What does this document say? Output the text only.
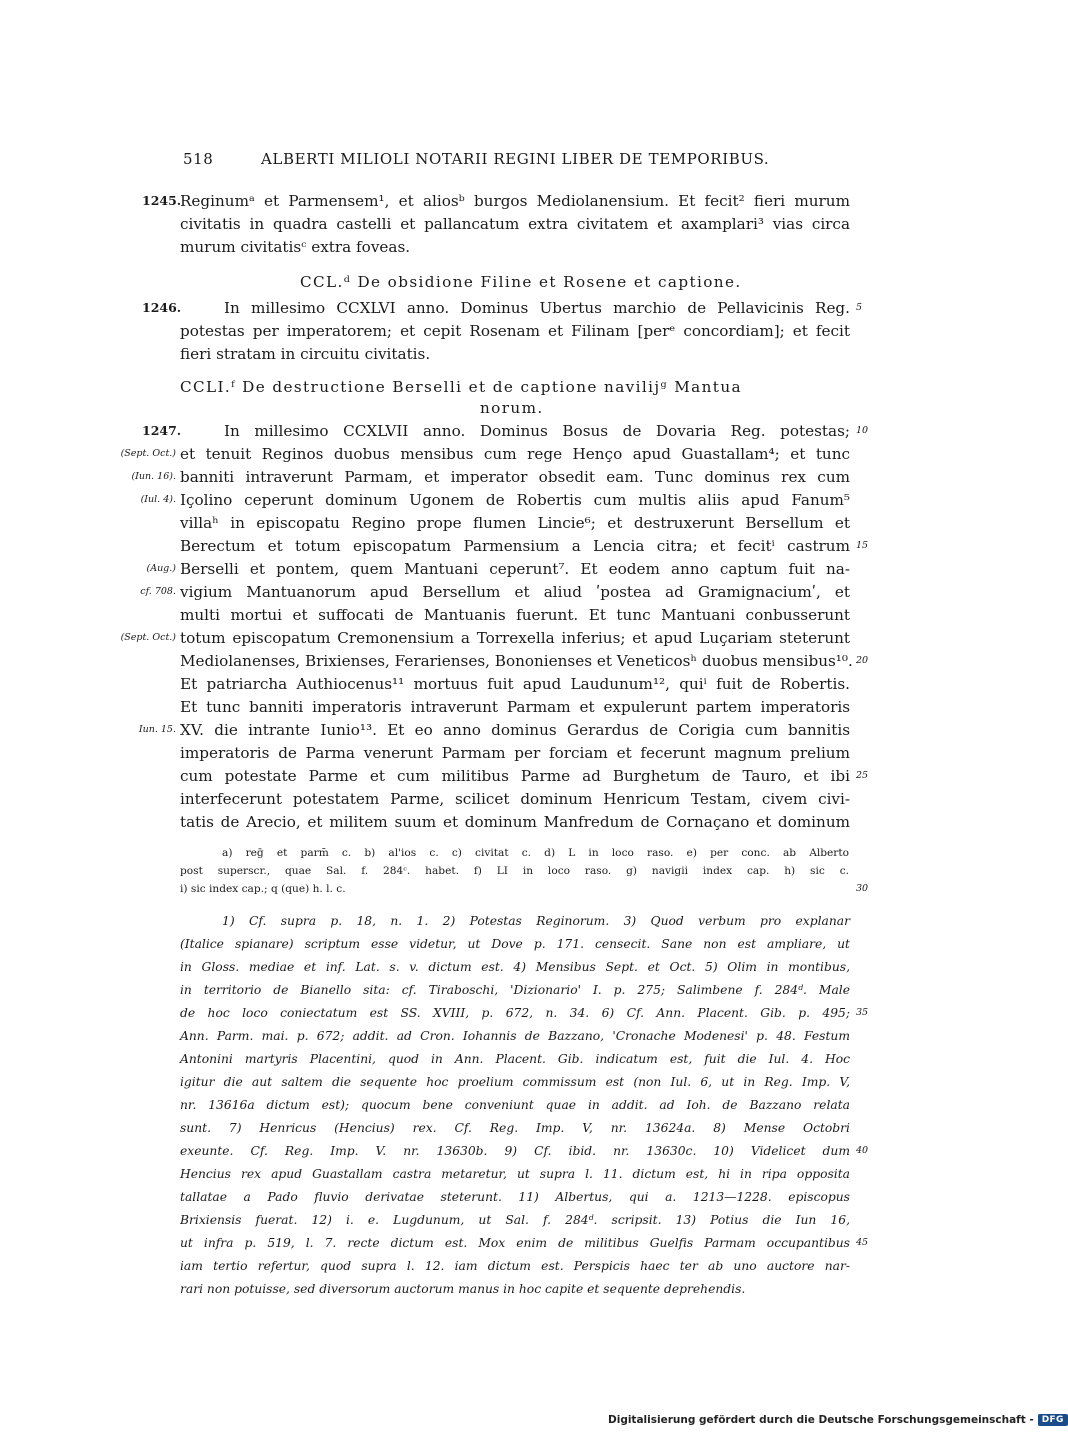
518	ALBERTI MILIOLI NOTARII REGINI LIBER DE TEMPORIBUS.
1245.
Reginumᵃ et Parmensem¹, et aliosᵇ burgos Mediolanensium. Et fecit² fieri murum
civitatis in quadra castelli et pallancatum extra civitatem et axamplari³ vias circa
murum civitatisᶜ extra foveas.
CCL.ᵈ De obsidione Filine et Rosene et captione.
1246.	In millesimo CCXLVI anno. Dominus Ubertus marchio de Pellavicinis Reg. 5
potestas per imperatorem; et cepit Rosenam et Filinam [perᵉ concordiam]; et fecit
fieri stratam in circuitu civitatis.
CCLI.ᶠ De destructione Berselli et de captione navilijᵍ Mantua
norum.
1247.	In millesimo CCXLVII anno. Dominus Bosus de Dovaria Reg. potestas; 10
(Sept. Oct.) et tenuit Reginos duobus mensibus cum rege Henço apud Guastallam⁴; et tunc
(Iun. 16). banniti intraverunt Parmam, et imperator obsedit eam. Tunc dominus rex cum
(Iul. 4). Içolino ceperunt dominum Ugonem de Robertis cum multis aliis apud Fanum⁵
villaʰ in episcopatu Regino prope flumen Lincie⁶; et destruxerunt Bersellum et
Berectum et totum episcopatum Parmensium a Lencia citra; et fecitⁱ castrum 15
(Aug.) Berselli et pontem, quem Mantuani ceperunt⁷. Et eodem anno captum fuit na-
cf. 708. vigium Mantuanorum apud Bersellum et aliud ʹpostea ad Gramignaciumʹ, et
multi mortui et suffocati de Mantuanis fuerunt. Et tunc Mantuani conbusserunt
(Sept. Oct.) totum episcopatum Cremonensium a Torrexella inferius; et apud Luçariam steterunt
Mediolanenses, Brixienses, Ferarienses, Bononienses et Veneticosʰ duobus mensibus¹⁰. 20
Et patriarcha Authiocenus¹¹ mortuus fuit apud Laudunum¹², quiⁱ fuit de Robertis.
Et tunc banniti imperatoris intraverunt Parmam et expulerunt partem imperatoris
Iun. 15. XV. die intrante Iunio¹³. Et eo anno dominus Gerardus de Corigia cum bannitis
imperatoris de Parma venerunt Parmam per forciam et fecerunt magnum prelium
cum potestate Parme et cum militibus Parme ad Burghetum de Tauro, et ibi 25
interfecerunt potestatem Parme, scilicet dominum Henricum Testam, civem civi-
tatis de Arecio, et militem suum et dominum Manfredum de Cornaçano et dominum
a) reḡ et parm̄ c. b) al'ios c. c) civitat c. d) L in loco raso. e) per conc. ab Alberto
post superscr., quae Sal. f. 284ᶜ. habet. f) LI in loco raso. g) navigii index cap. h) sic c.
i) sic index cap.; q (que) h. l. c.	30
1) Cf. supra p. 18, n. 1. 2) Potestas Reginorum. 3) Quod verbum pro explanar
(Italice spianare) scriptum esse videtur, ut Dove p. 171. censecit. Sane non est ampliare, ut
in Gloss. mediae et inf. Lat. s. v. dictum est. 4) Mensibus Sept. et Oct. 5) Olim in montibus,
in territorio de Bianello sita: cf. Tiraboschi, 'Dizionario' I. p. 275; Salimbene f. 284ᵈ. Male
de hoc loco coniectatum est SS. XVIII, p. 672, n. 34. 6) Cf. Ann. Placent. Gib. p. 495; 35
Ann. Parm. mai. p. 672; addit. ad Cron. Iohannis de Bazzano, 'Cronache Modenesi' p. 48. Festum
Antonini martyris Placentini, quod in Ann. Placent. Gib. indicatum est, fuit die Iul. 4. Hoc
igitur die aut saltem die sequente hoc proelium commissum est (non Iul. 6, ut in Reg. Imp. V,
nr. 13616a dictum est); quocum bene conveniunt quae in addit. ad Ioh. de Bazzano relata
sunt. 7) Henricus (Hencius) rex. Cf. Reg. Imp. V, nr. 13624a. 8) Mense Octobri
exeunte. Cf. Reg. Imp. V. nr. 13630b. 9) Cf. ibid. nr. 13630c. 10) Videlicet dum 40
Hencius rex apud Guastallam castra metaretur, ut supra l. 11. dictum est, hi in ripa opposita
tallatae a Pado fluvio derivatae steterunt. 11) Albertus, qui a. 1213—1228. episcopus
Brixiensis fuerat. 12) i. e. Lugdunum, ut Sal. f. 284ᵈ. scripsit. 13) Potius die Iun 16,
ut infra p. 519, l. 7. recte dictum est. Mox enim de militibus Guelfis Parmam occupantibus 45
iam tertio refertur, quod supra l. 12. iam dictum est. Perspicis haec ter ab uno auctore nar-
rari non potuisse, sed diversorum auctorum manus in hoc capite et sequente deprehendis.
Digitalisierung gefördert durch die Deutsche Forschungsgemeinschaft - DFG
